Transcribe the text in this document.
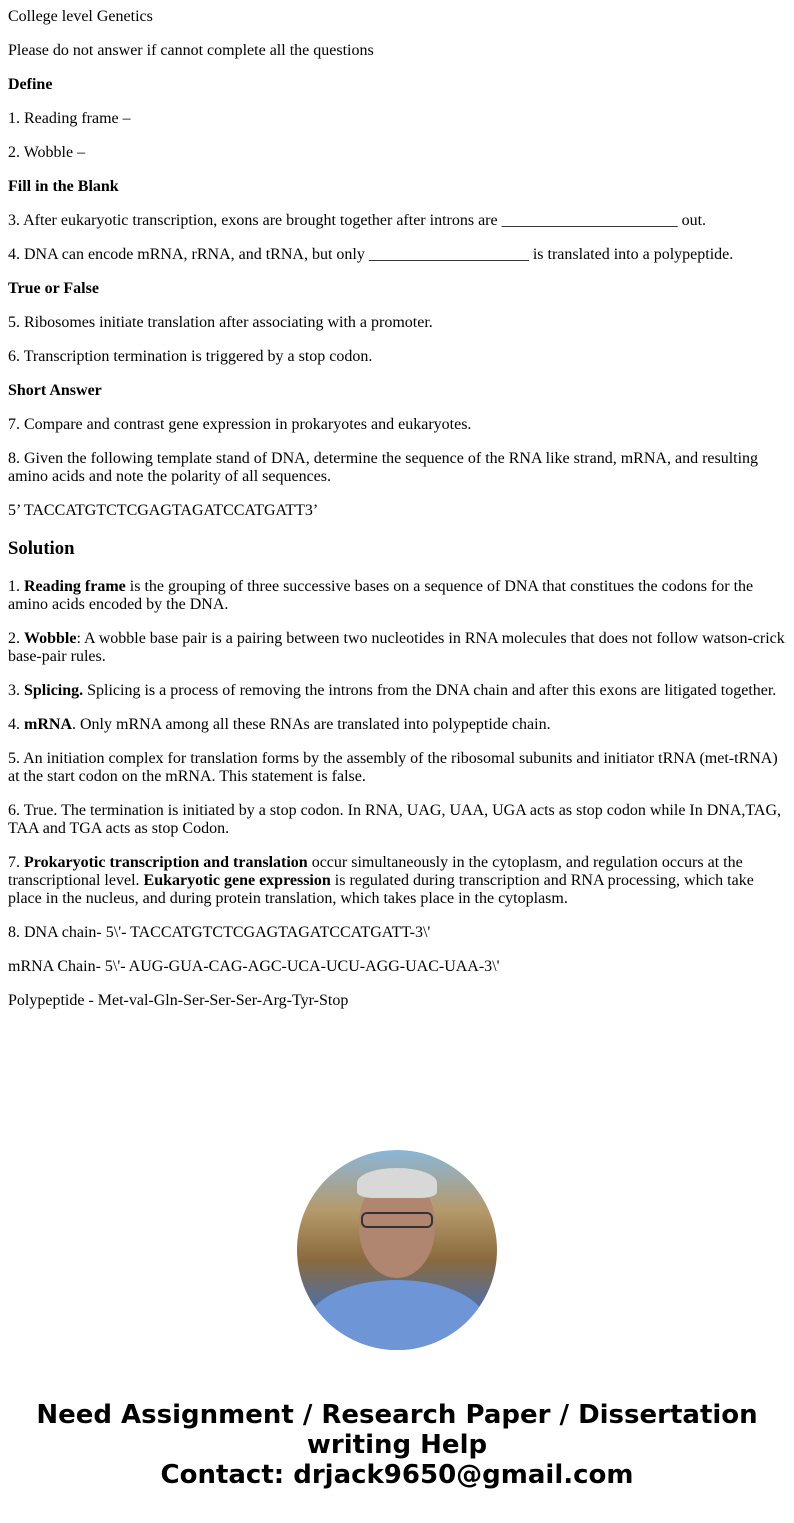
College level Genetics

Please do not answer if cannot complete all the questions

Define

1. Reading frame –

2. Wobble –

Fill in the Blank

3. After eukaryotic transcription, exons are brought together after introns are ______________________ out.

4. DNA can encode mRNA, rRNA, and tRNA, but only ____________________ is translated into a polypeptide.

True or False

5. Ribosomes initiate translation after associating with a promoter.

6. Transcription termination is triggered by a stop codon.

Short Answer

7. Compare and contrast gene expression in prokaryotes and eukaryotes.

8. Given the following template stand of DNA, determine the sequence of the RNA like strand, mRNA, and resulting amino acids and note the polarity of all sequences.

5’ TACCATGTCTCGAGTAGATCCATGATT3’

Solution

1. Reading frame is the grouping of three successive bases on a sequence of DNA that constitues the codons for the amino acids encoded by the DNA.

2. Wobble: A wobble base pair is a pairing between two nucleotides in RNA molecules that does not follow watson-crick base-pair rules.

3. Splicing. Splicing is a process of removing the introns from the DNA chain and after this exons are litigated together.

4. mRNA. Only mRNA among all these RNAs are translated into polypeptide chain.

5. An initiation complex for translation forms by the assembly of the ribosomal subunits and initiator tRNA (met-tRNA) at the start codon on the mRNA. This statement is false.

6. True. The termination is initiated by a stop codon. In RNA, UAG, UAA, UGA acts as stop codon while In DNA,TAG, TAA and TGA acts as stop Codon.

7. Prokaryotic transcription and translation occur simultaneously in the cytoplasm, and regulation occurs at the transcriptional level. Eukaryotic gene expression is regulated during transcription and RNA processing, which take place in the nucleus, and during protein translation, which takes place in the cytoplasm.

8. DNA chain- 5\'- TACCATGTCTCGAGTAGATCCATGATT-3\'

mRNA Chain- 5\'- AUG-GUA-CAG-AGC-UCA-UCU-AGG-UAC-UAA-3\'

Polypeptide - Met-val-Gln-Ser-Ser-Ser-Arg-Tyr-Stop

Need Assignment / Research Paper / Dissertation writing Help
Contact: drjack9650@gmail.com
